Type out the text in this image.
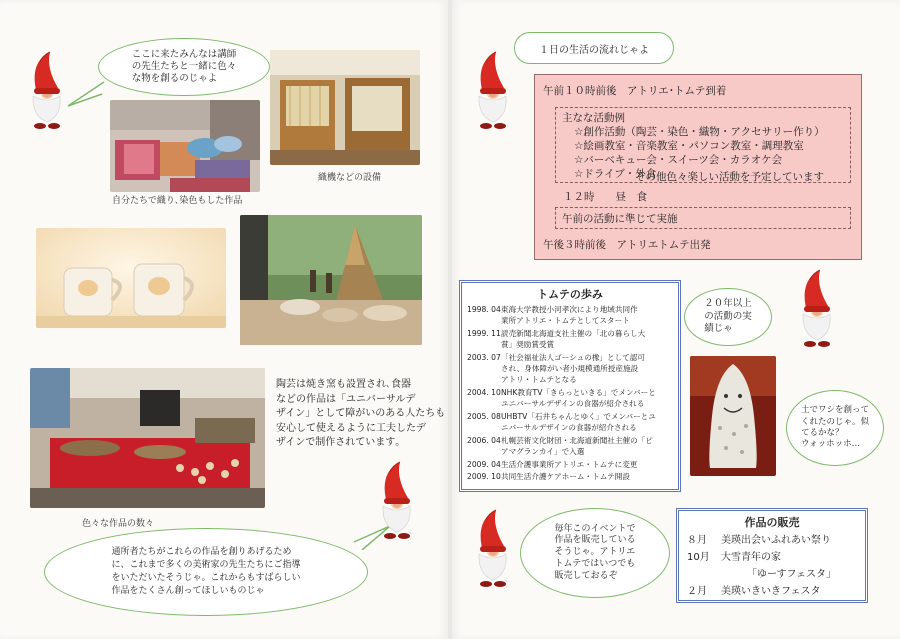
ここに来たみんなは講師
の先生たちと一緒に色々
な物を創るのじゃよ
自分たちで織り､染色もした作品
織機などの設備
陶芸は焼き窯も設置され､食器
などの作品は「ユニバーサルデ
ザイン」として障がいのある人たちも
安心して使えるように工夫したデ
ザインで制作されています｡
色々な作品の数々
通所者たちがこれらの作品を創りあげるため
に、これまで多くの美術家の先生たちにご指導
をいただいたそうじゃ。これからもすばらしい
作品をたくさん創ってほしいものじゃ
１日の生活の流れじゃよ
午前１０時前後　アトリエ･トムテ到着
主なな活動例
☆創作活動（陶芸・染色・織物・アクセサリー作り）
☆絵画教室・音楽教室・パソコン教室・調理教室
☆バーベキュー会・スイーツ会・カラオケ会
☆ドライブ・外食
その他色々楽しい活動を予定しています
１２時　　昼　食
午前の活動に準じて実施
午後３時前後　アトリエトムテ出発
トムテの歩み
1998. 04東海大学教授小河孝次により地域共同作
業所アトリエ・トムテとしてスタート
1999. 11読売新聞北海道支社主催の「北の暮らし大
賞」奨励賞受賞
2003. 07「社会福祉法人ゴーシュの橡」として認可
され、身体障がい者小規模通所授産施設
アトリ・トムテとなる
2004. 10NHK教育TV「きらっといきる」でメンバーと
ユニバーサルデザインの食器が紹介される
2005. 08UHBTV「石井ちゃんとゆく」でメンバーとユ
ニバーサルデザインの食器が紹介される
2006. 04札幌芸術文化財団・北海道新聞社主催の「ピ
アマグランカイ」で入選
2009. 04生活介護事業所アトリエ・トムテに変更
2009. 10共同生活介護ケアホーム・トムテ開設
２０年以上
の活動の実
績じゃ
土でワシを創って
くれたのじゃ。似
てるかな？
ウォッホッホ…
毎年このイベントで
作品を販売している
そうじゃ。アトリエ
トムテではいつでも
販売しておるぞ
作品の販売
８月 美瑛出会いふれあい祭り
10月 大雪青年の家
「ゆーすフェスタ」
２月 美瑛いきいきフェスタ
